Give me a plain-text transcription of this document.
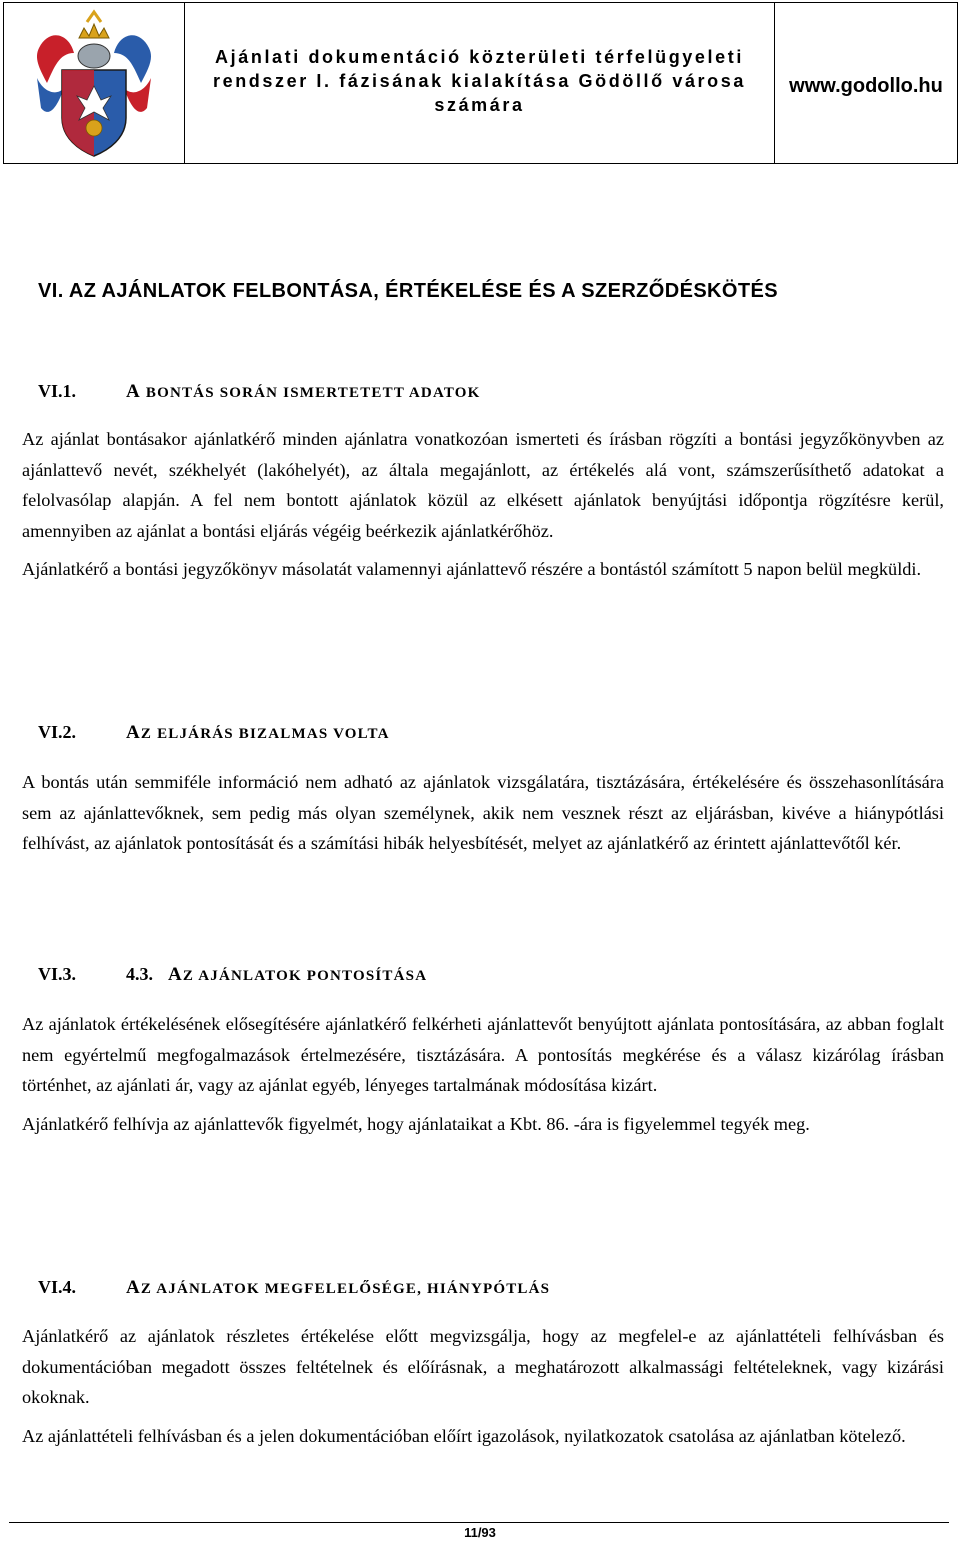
Ajánlati dokumentáció közterületi térfelügyeleti
rendszer I. fázisának kialakítása Gödöllő városa
számára
www.godollo.hu
VI. AZ AJÁNLATOK FELBONTÁSA, ÉRTÉKELÉSE ÉS A SZERZŐDÉSKÖTÉS
VI.1.	A BONTÁS SORÁN ISMERTETETT ADATOK

Az ajánlat bontásakor ajánlatkérő minden ajánlatra vonatkozóan ismerteti és írásban rögzíti a bontási jegyzőkönyvben az ajánlattevő nevét, székhelyét (lakóhelyét), az általa megajánlott, az értékelés alá vont, számszerűsíthető adatokat a felolvasólap alapján. A fel nem bontott ajánlatok közül az elkésett ajánlatok benyújtási időpontja rögzítésre kerül, amennyiben az ajánlat a bontási eljárás végéig beérkezik ajánlatkérőhöz.

Ajánlatkérő a bontási jegyzőkönyv másolatát valamennyi ajánlattevő részére a bontástól számított 5 napon belül megküldi.

VI.2.	AZ ELJÁRÁS BIZALMAS VOLTA

A bontás után semmiféle információ nem adható az ajánlatok vizsgálatára, tisztázására, értékelésére és összehasonlítására sem az ajánlattevőknek, sem pedig más olyan személynek, akik nem vesznek részt az eljárásban, kivéve a hiánypótlási felhívást, az ajánlatok pontosítását és a számítási hibák helyesbítését, melyet az ajánlatkérő az érintett ajánlattevőtől kér.

VI.3.	4.3. AZ AJÁNLATOK PONTOSÍTÁSA

Az ajánlatok értékelésének elősegítésére ajánlatkérő felkérheti ajánlattevőt benyújtott ajánlata pontosítására, az abban foglalt nem egyértelmű megfogalmazások értelmezésére, tisztázására. A pontosítás megkérése és a válasz kizárólag írásban történhet, az ajánlati ár, vagy az ajánlat egyéb, lényeges tartalmának módosítása kizárt.

Ajánlatkérő felhívja az ajánlattevők figyelmét, hogy ajánlataikat a Kbt. 86. -ára is figyelemmel tegyék meg.

VI.4.	AZ AJÁNLATOK MEGFELELŐSÉGE, HIÁNYPÓTLÁS

Ajánlatkérő az ajánlatok részletes értékelése előtt megvizsgálja, hogy az megfelel-e az ajánlattételi felhívásban és dokumentációban megadott összes feltételnek és előírásnak, a meghatározott alkalmassági feltételeknek, vagy kizárási okoknak.

Az ajánlattételi felhívásban és a jelen dokumentációban előírt igazolások, nyilatkozatok csatolása az ajánlatban kötelező.

11/93
